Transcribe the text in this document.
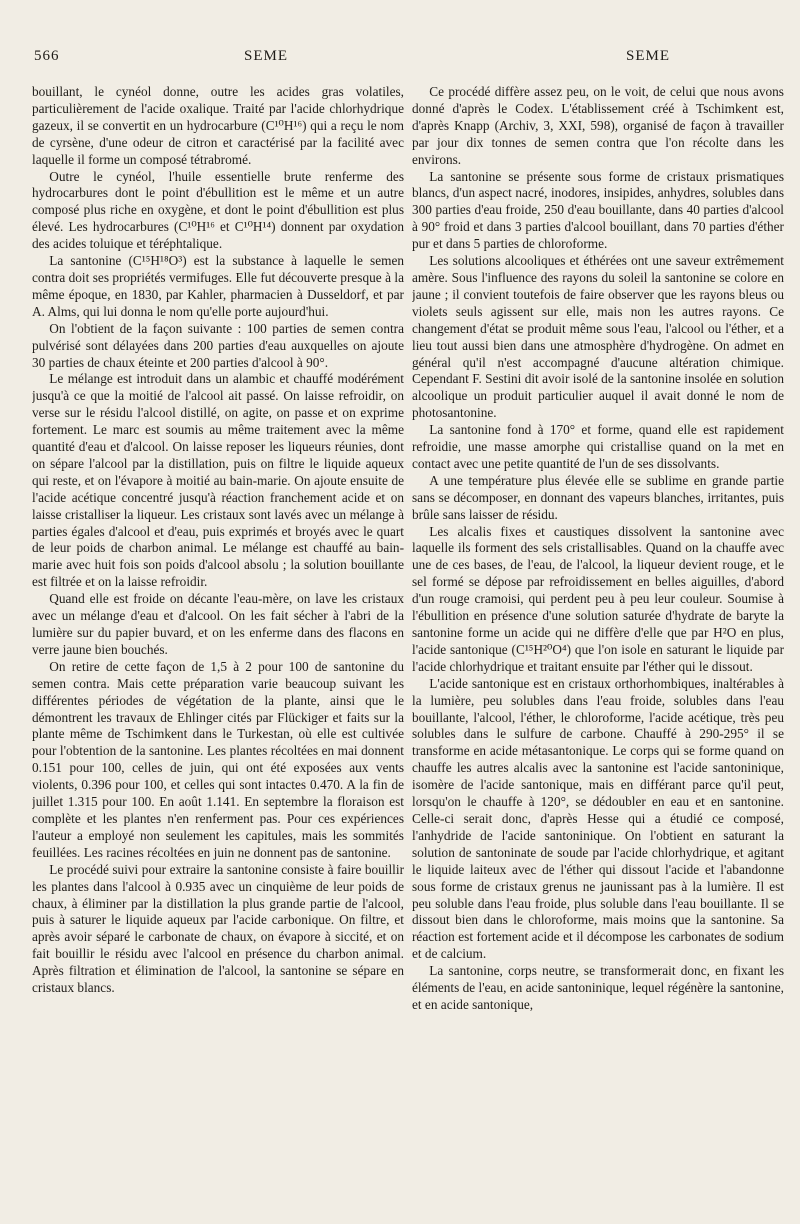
566	SEME	SEME

bouillant, le cynéol donne, outre les acides gras volatiles, particulièrement de l'acide oxalique. Traité par l'acide chlorhydrique gazeux, il se convertit en un hydrocarbure (C¹⁰H¹⁶) qui a reçu le nom de cyrsène, d'une odeur de citron et caractérisé par la facilité avec laquelle il forme un composé tétrabromé.

Outre le cynéol, l'huile essentielle brute renferme des hydrocarbures dont le point d'ébullition est le même et un autre composé plus riche en oxygène, et dont le point d'ébullition est plus élevé. Les hydrocarbures (C¹⁰H¹⁶ et C¹⁰H¹⁴) donnent par oxydation des acides toluique et téréphtalique.

La santonine (C¹⁵H¹⁸O³) est la substance à laquelle le semen contra doit ses propriétés vermifuges. Elle fut découverte presque à la même époque, en 1830, par Kahler, pharmacien à Dusseldorf, et par A. Alms, qui lui donna le nom qu'elle porte aujourd'hui.

On l'obtient de la façon suivante : 100 parties de semen contra pulvérisé sont délayées dans 200 parties d'eau auxquelles on ajoute 30 parties de chaux éteinte et 200 parties d'alcool à 90°.

Le mélange est introduit dans un alambic et chauffé modérément jusqu'à ce que la moitié de l'alcool ait passé. On laisse refroidir, on verse sur le résidu l'alcool distillé, on agite, on passe et on exprime fortement. Le marc est soumis au même traitement avec la même quantité d'eau et d'alcool. On laisse reposer les liqueurs réunies, dont on sépare l'alcool par la distillation, puis on filtre le liquide aqueux qui reste, et on l'évapore à moitié au bain-marie. On ajoute ensuite de l'acide acétique concentré jusqu'à réaction franchement acide et on laisse cristalliser la liqueur. Les cristaux sont lavés avec un mélange à parties égales d'alcool et d'eau, puis exprimés et broyés avec le quart de leur poids de charbon animal. Le mélange est chauffé au bain-marie avec huit fois son poids d'alcool absolu ; la solution bouillante est filtrée et on la laisse refroidir.

Quand elle est froide on décante l'eau-mère, on lave les cristaux avec un mélange d'eau et d'alcool. On les fait sécher à l'abri de la lumière sur du papier buvard, et on les enferme dans des flacons en verre jaune bien bouchés.

On retire de cette façon de 1,5 à 2 pour 100 de santonine du semen contra. Mais cette préparation varie beaucoup suivant les différentes périodes de végétation de la plante, ainsi que le démontrent les travaux de Ehlinger cités par Flückiger et faits sur la plante même de Tschimkent dans le Turkestan, où elle est cultivée pour l'obtention de la santonine. Les plantes récoltées en mai donnent 0.151 pour 100, celles de juin, qui ont été exposées aux vents violents, 0.396 pour 100, et celles qui sont intactes 0.470. A la fin de juillet 1.315 pour 100. En août 1.141. En septembre la floraison est complète et les plantes n'en renferment pas. Pour ces expériences l'auteur a employé non seulement les capitules, mais les sommités feuillées. Les racines récoltées en juin ne donnent pas de santonine.

Le procédé suivi pour extraire la santonine consiste à faire bouillir les plantes dans l'alcool à 0.935 avec un cinquième de leur poids de chaux, à éliminer par la distillation la plus grande partie de l'alcool, puis à saturer le liquide aqueux par l'acide carbonique. On filtre, et après avoir séparé le carbonate de chaux, on évapore à siccité, et on fait bouillir le résidu avec l'alcool en présence du charbon animal. Après filtration et élimination de l'alcool, la santonine se sépare en cristaux blancs.

Ce procédé diffère assez peu, on le voit, de celui que nous avons donné d'après le Codex. L'établissement créé à Tschimkent est, d'après Knapp (Archiv, 3, XXI, 598), organisé de façon à travailler par jour dix tonnes de semen contra que l'on récolte dans les environs.

La santonine se présente sous forme de cristaux prismatiques blancs, d'un aspect nacré, inodores, insipides, anhydres, solubles dans 300 parties d'eau froide, 250 d'eau bouillante, dans 40 parties d'alcool à 90° froid et dans 3 parties d'alcool bouillant, dans 70 parties d'éther pur et dans 5 parties de chloroforme.

Les solutions alcooliques et éthérées ont une saveur extrêmement amère. Sous l'influence des rayons du soleil la santonine se colore en jaune ; il convient toutefois de faire observer que les rayons bleus ou violets seuls agissent sur elle, mais non les autres rayons. Ce changement d'état se produit même sous l'eau, l'alcool ou l'éther, et a lieu tout aussi bien dans une atmosphère d'hydrogène. On admet en général qu'il n'est accompagné d'aucune altération chimique. Cependant F. Sestini dit avoir isolé de la santonine insolée en solution alcoolique un produit particulier auquel il avait donné le nom de photosantonine.

La santonine fond à 170° et forme, quand elle est rapidement refroidie, une masse amorphe qui cristallise quand on la met en contact avec une petite quantité de l'un de ses dissolvants.

A une température plus élevée elle se sublime en grande partie sans se décomposer, en donnant des vapeurs blanches, irritantes, puis brûle sans laisser de résidu.

Les alcalis fixes et caustiques dissolvent la santonine avec laquelle ils forment des sels cristallisables. Quand on la chauffe avec une de ces bases, de l'eau, de l'alcool, la liqueur devient rouge, et le sel formé se dépose par refroidissement en belles aiguilles, d'abord d'un rouge cramoisi, qui perdent peu à peu leur couleur. Soumise à l'ébullition en présence d'une solution saturée d'hydrate de baryte la santonine forme un acide qui ne diffère d'elle que par H²O en plus, l'acide santonique (C¹⁵H²⁰O⁴) que l'on isole en saturant le liquide par l'acide chlorhydrique et traitant ensuite par l'éther qui le dissout.

L'acide santonique est en cristaux orthorhombiques, inaltérables à la lumière, peu solubles dans l'eau froide, solubles dans l'eau bouillante, l'alcool, l'éther, le chloroforme, l'acide acétique, très peu solubles dans le sulfure de carbone. Chauffé à 290-295° il se transforme en acide métasantonique. Le corps qui se forme quand on chauffe les autres alcalis avec la santonine est l'acide santoninique, isomère de l'acide santonique, mais en différant parce qu'il peut, lorsqu'on le chauffe à 120°, se dédoubler en eau et en santonine. Celle-ci serait donc, d'après Hesse qui a étudié ce composé, l'anhydride de l'acide santoninique. On l'obtient en saturant la solution de santoninate de soude par l'acide chlorhydrique, et agitant le liquide laiteux avec de l'éther qui dissout l'acide et l'abandonne sous forme de cristaux grenus ne jaunissant pas à la lumière. Il est peu soluble dans l'eau froide, plus soluble dans l'eau bouillante. Il se dissout bien dans le chloroforme, mais moins que la santonine. Sa réaction est fortement acide et il décompose les carbonates de sodium et de calcium.

La santonine, corps neutre, se transformerait donc, en fixant les éléments de l'eau, en acide santoninique, lequel régénère la santonine, et en acide santonique,
